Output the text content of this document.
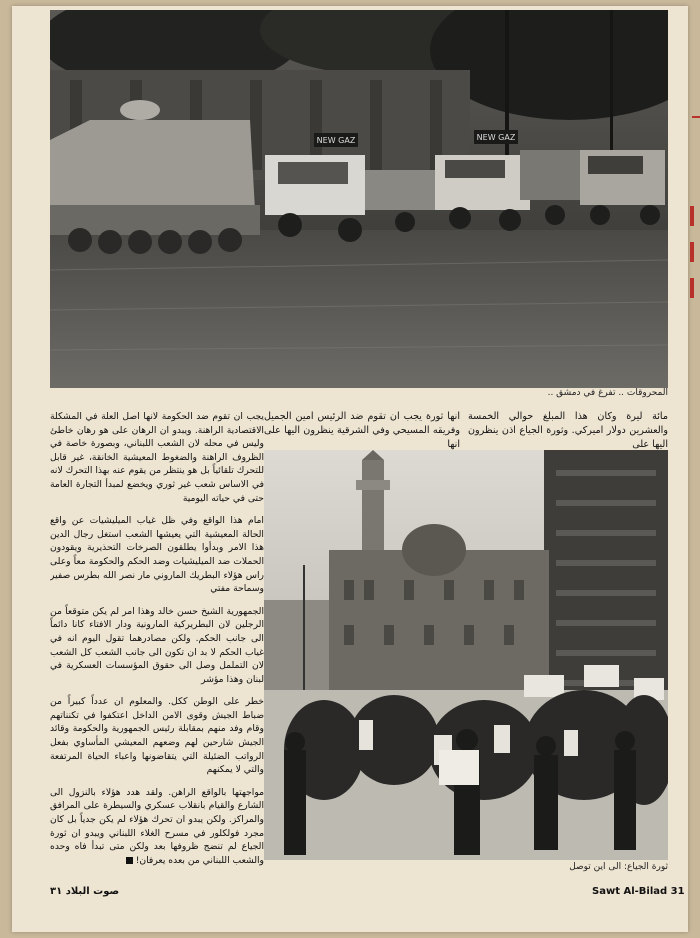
NEW GAZ	NEW GAZ
المحروقات .. تفرغ في دمشق ..
مائة ليرة وكان هذا المبلغ حوالي الخمسة والعشرين دولار اميركي. وثورة الجياع اذن ينظرون اليها على
انها ثورة يجب ان تقوم ضد الرئيس امين الجميل وفريقه المسيحي وفي الشرقية ينظرون اليها على انها

يجب ان تقوم ضد الحكومة لانها اصل العلة في المشكلة الاقتصادية الراهنة. ويبدو ان الرهان على هو رهان خاطئ وليس في محله لان الشعب اللبناني، وبصورة خاصة في الظروف الراهنة والضغوط المعيشية الخانقة، غير قابل للتحرك تلقائياً بل هو ينتظر من يقوم عنه بهذا التحرك لانه في الاساس شعب غير ثوري ويخضع لمبدأ التجارة العامة حتى في حياته اليومية

امام هذا الواقع وفي ظل غياب الميليشيات عن واقع الحالة المعيشية التي يعيشها الشعب استغل رجال الدين هذا الامر وبدأوا يطلقون الصرخات التحذيرية ويقودون الحملات ضد الميليشيات وضد الحكم والحكومة معاً وعلى راس هؤلاء البطريك الماروني مار نصر الله بطرس صفير وسماحة مفتي

الجمهورية الشيخ حسن خالد وهذا امر لم يكن متوقعاً من الرجلين لان البطريركية المارونية ودار الافتاء كانا دائماً الى جانب الحكم. ولكن مصادرهما تقول اليوم انه في غياب الحكم لا بد ان تكون الى جانب الشعب كل الشعب لان التململ وصل الى حقوق المؤسسات العسكرية في لبنان وهذا مؤشر

خطر على الوطن ككل. والمعلوم ان عدداً كبيراً من ضباط الجيش وقوى الامن الداخل اعتكفوا في تكنناتهم وقام وفد منهم بمقابلة رئيس الجمهورية والحكومة وقائد الجيش شارحين لهم وضعهم المعيشي المأساوي بفعل الرواتب الضئيلة التي يتقاضونها واعباء الحياة المرتفعة والتي لا يمكنهم

مواجهتها بالواقع الراهن. ولقد هدد هؤلاء بالنزول الى الشارع والقيام بانقلاب عسكري والسيطرة على المرافق والمراكز. ولكن يبدو ان تحرك هؤلاء لم يكن جدياً بل كان مجرد فولكلور في مسرح الغلاء اللبناني ويبدو ان ثورة الجياع لم تنضج ظروفها بعد ولكن متى تبدأ فاه وحده والشعب اللبناني من بعده يعرفان!

ثورة الجياع: الى اين توصل
Sawt Al-Bilad 31
صوت البلاد ٣١
